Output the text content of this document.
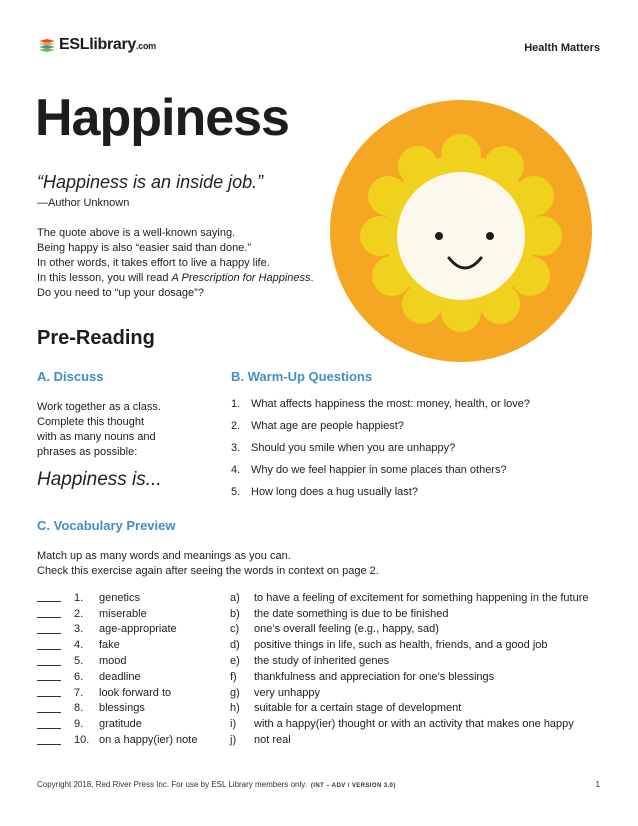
ESLlibrary.com	Health Matters
Happiness
“Happiness is an inside job.”
—Author Unknown
The quote above is a well-known saying.
Being happy is also “easier said than done.”
In other words, it takes effort to live a happy life.
In this lesson, you will read A Prescription for Happiness.
Do you need to “up your dosage”?
Pre-Reading
A. Discuss
Work together as a class.
Complete this thought
with as many nouns and
phrases as possible:
Happiness is...
B. Warm-Up Questions
1. What affects happiness the most: money, health, or love?
2. What age are people happiest?
3. Should you smile when you are unhappy?
4. Why do we feel happier in some places than others?
5. How long does a hug usually last?
C. Vocabulary Preview
Match up as many words and meanings as you can.
Check this exercise again after seeing the words in context on page 2.
1.	genetics	a)	to have a feeling of excitement for something happening in the future
2.	miserable	b)	the date something is due to be finished
3.	age-appropriate	c)	one’s overall feeling (e.g., happy, sad)
4.	fake	d)	positive things in life, such as health, friends, and a good job
5.	mood	e)	the study of inherited genes
6.	deadline	f)	thankfulness and appreciation for one’s blessings
7.	look forward to	g)	very unhappy
8.	blessings	h)	suitable for a certain stage of development
9.	gratitude	i)	with a happy(ier) thought or with an activity that makes one happy
10. on a happy(ier) note	j)	not real
Copyright 2018, Red River Press Inc. For use by ESL Library members only. (INT – ADV / VERSION 3.0)	1
